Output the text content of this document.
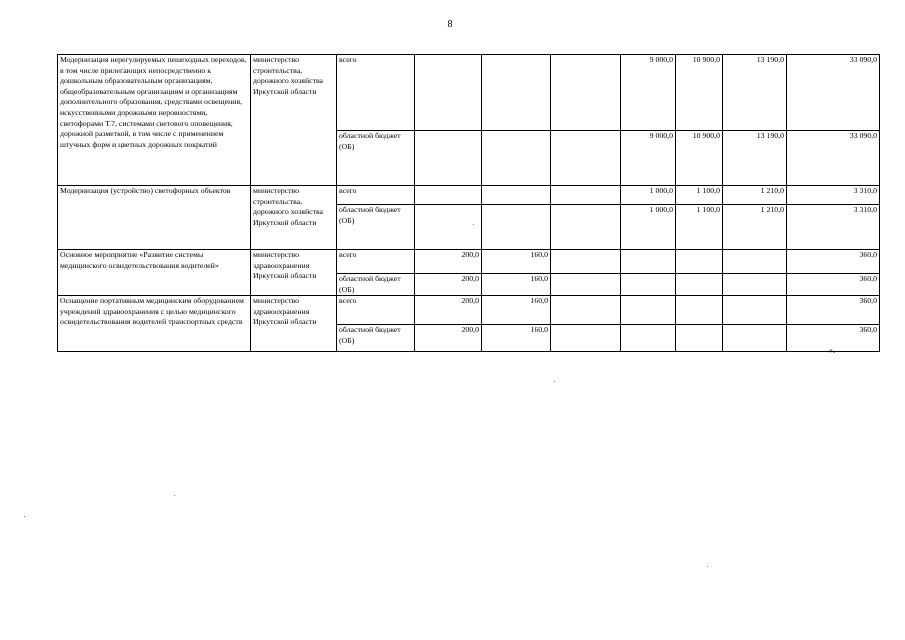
8
Модернизация нерегулируемых пешеходных переходов, в том числе прилегающих непосредственно к дошкольным образовательным организациям, общеобразовательным организациям и организациям дополнительного образования, средствами освещения, искусственными дорожными неровностями, светофорами Т.7, системами светового оповещения, дорожной разметкой, в том числе с применением штучных форм и цветных дорожных покрытий	министерство строительства, дорожного хозяйства Иркутской области	всего				9 000,0	10 900,0	13 190,0	33 090,0
		областной бюджет (ОБ)				9 000,0	10 900,0	13 190,0	33 090,0
Модернизация (устройство) светофорных объектов	министерство строительства, дорожного хозяйства Иркутской области	всего				1 000,0	1 100,0	1 210,0	3 310,0
		областной бюджет (ОБ)				1 000,0	1 100,0	1 210,0	3 310,0
Основное мероприятие «Развитие системы медицинского освидетельствования водителей»	министерство здравоохранения Иркутской области	всего	200,0	160,0					360,0
		областной бюджет (ОБ)	200,0	160,0					360,0
Оснащение портативным медицинским оборудованием учреждений здравоохранения с целью медицинского освидетельствования водителей транспортных средств	министерство здравоохранения Иркутской области	всего	200,0	160,0					360,0
		областной бюджет (ОБ)	200,0	160,0					360,0
».
